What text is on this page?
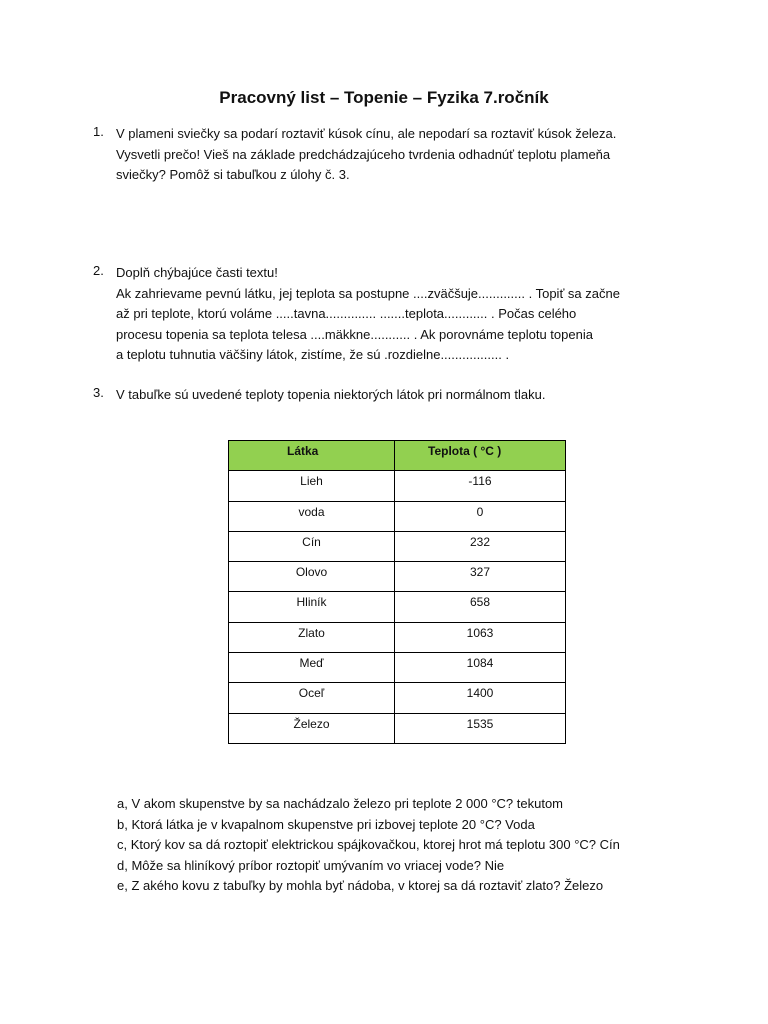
Pracovný list – Topenie – Fyzika 7.ročník
1. V plameni sviečky sa podarí roztaviť kúsok cínu, ale nepodarí sa roztaviť kúsok železa.
Vysvetli prečo! Vieš na základe predchádzajúceho tvrdenia odhadnúť teplotu plameňa
sviečky? Pomôž si tabuľkou z úlohy č. 3.
2. Doplň chýbajúce časti textu!
Ak zahrievame pevnú látku, jej teplota sa postupne ....zväčšuje............. . Topiť sa začne
až pri teplote, ktorú voláme .....tavna.............. .......teplota............ . Počas celého
procesu topenia sa teplota telesa ....mäkkne........... . Ak porovnáme teplotu topenia
a teplotu tuhnutia väčšiny látok, zistíme, že sú .rozdielne................. .
3. V tabuľke sú uvedené teploty topenia niektorých látok pri normálnom tlaku.
Látka	Teplota ( °C )
Lieh	-116
voda	0
Cín	232
Olovo	327
Hliník	658
Zlato	1063
Meď	1084
Oceľ	1400
Železo	1535
a, V akom skupenstve by sa nachádzalo železo pri teplote 2 000 °C? tekutom
b, Ktorá látka je v kvapalnom skupenstve pri izbovej teplote 20 °C? Voda
c, Ktorý kov sa dá roztopiť elektrickou spájkovačkou, ktorej hrot má teplotu 300 °C? Cín
d, Môže sa hliníkový príbor roztopiť umývaním vo vriacej vode? Nie
e, Z akého kovu z tabuľky by mohla byť nádoba, v ktorej sa dá roztaviť zlato? Železo
